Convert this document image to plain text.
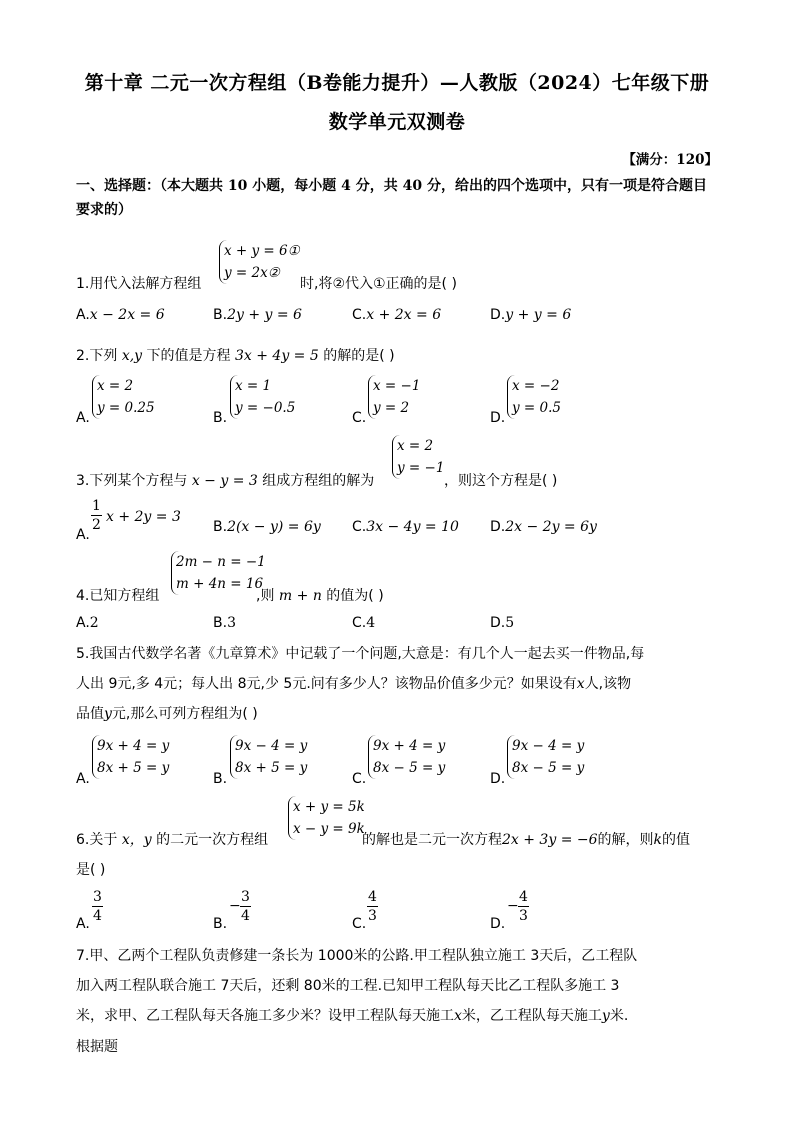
第十章 二元一次方程组（B卷能力提升）—人教版（2024）七年级下册
数学单元双测卷
【满分：120】
一、选择题：（本大题共 10 小题，每小题 4 分，共 40 分，给出的四个选项中，只有一项是符合题目要求的）
x + y = 6①
y = 2x②
1.用代入法解方程组	时,将②代入①正确的是( )
A.x − 2x = 6	B.2y + y = 6	C.x + 2x = 6	D.y + y = 6
2.下列 x,y 下的值是方程 3x + 4y = 5 的解的是( )
A.
x = 2
y = 0.25
B.
x = 1
y = −0.5
C.
x = −1
y = 2
D.
x = −2
y = 0.5
3.下列某个方程与 x − y = 3 组成方程组的解为
x = 2
y = −1
，则这个方程是( )
A.
$\frac{1}{2}$ x + 2y = 3
B.2(x − y) = 6y C.3x − 4y = 10 D.2x − 2y = 6y
2m − n = −1
m + 4n = 16
4.已知方程组	,则 m + n 的值为( )
A.2	B.3	C.4	D.5
5.我国古代数学名著《九章算术》中记载了一个问题,大意是：有几个人一起去买一件物品,每
人出 9元,多 4元；每人出 8元,少 5元.问有多少人？该物品价值多少元？如果设有x人,该物
品值y元,那么可列方程组为( )
A.
9x + 4 = y
8x + 5 = y
B.
9x − 4 = y
8x + 5 = y
C.
9x + 4 = y
8x − 5 = y
D.
9x − 4 = y
8x − 5 = y
x + y = 5k
x − y = 9k
6.关于 x，y 的二元一次方程组	的解也是二元一次方程2x + 3y = −6的解，则k的值
是( )
A. $\frac{3}{4}$	B.
− $\frac{3}{4}$	C. $\frac{4}{3}$	D.
− $\frac{4}{3}$
7.甲、乙两个工程队负责修建一条长为 1000米的公路.甲工程队独立施工 3天后，乙工程队
加入两工程队联合施工 7天后，还剩 80米的工程.已知甲工程队每天比乙工程队多施工 3
米，求甲、乙工程队每天各施工多少米？设甲工程队每天施工x米，乙工程队每天施工y米.
根据题
